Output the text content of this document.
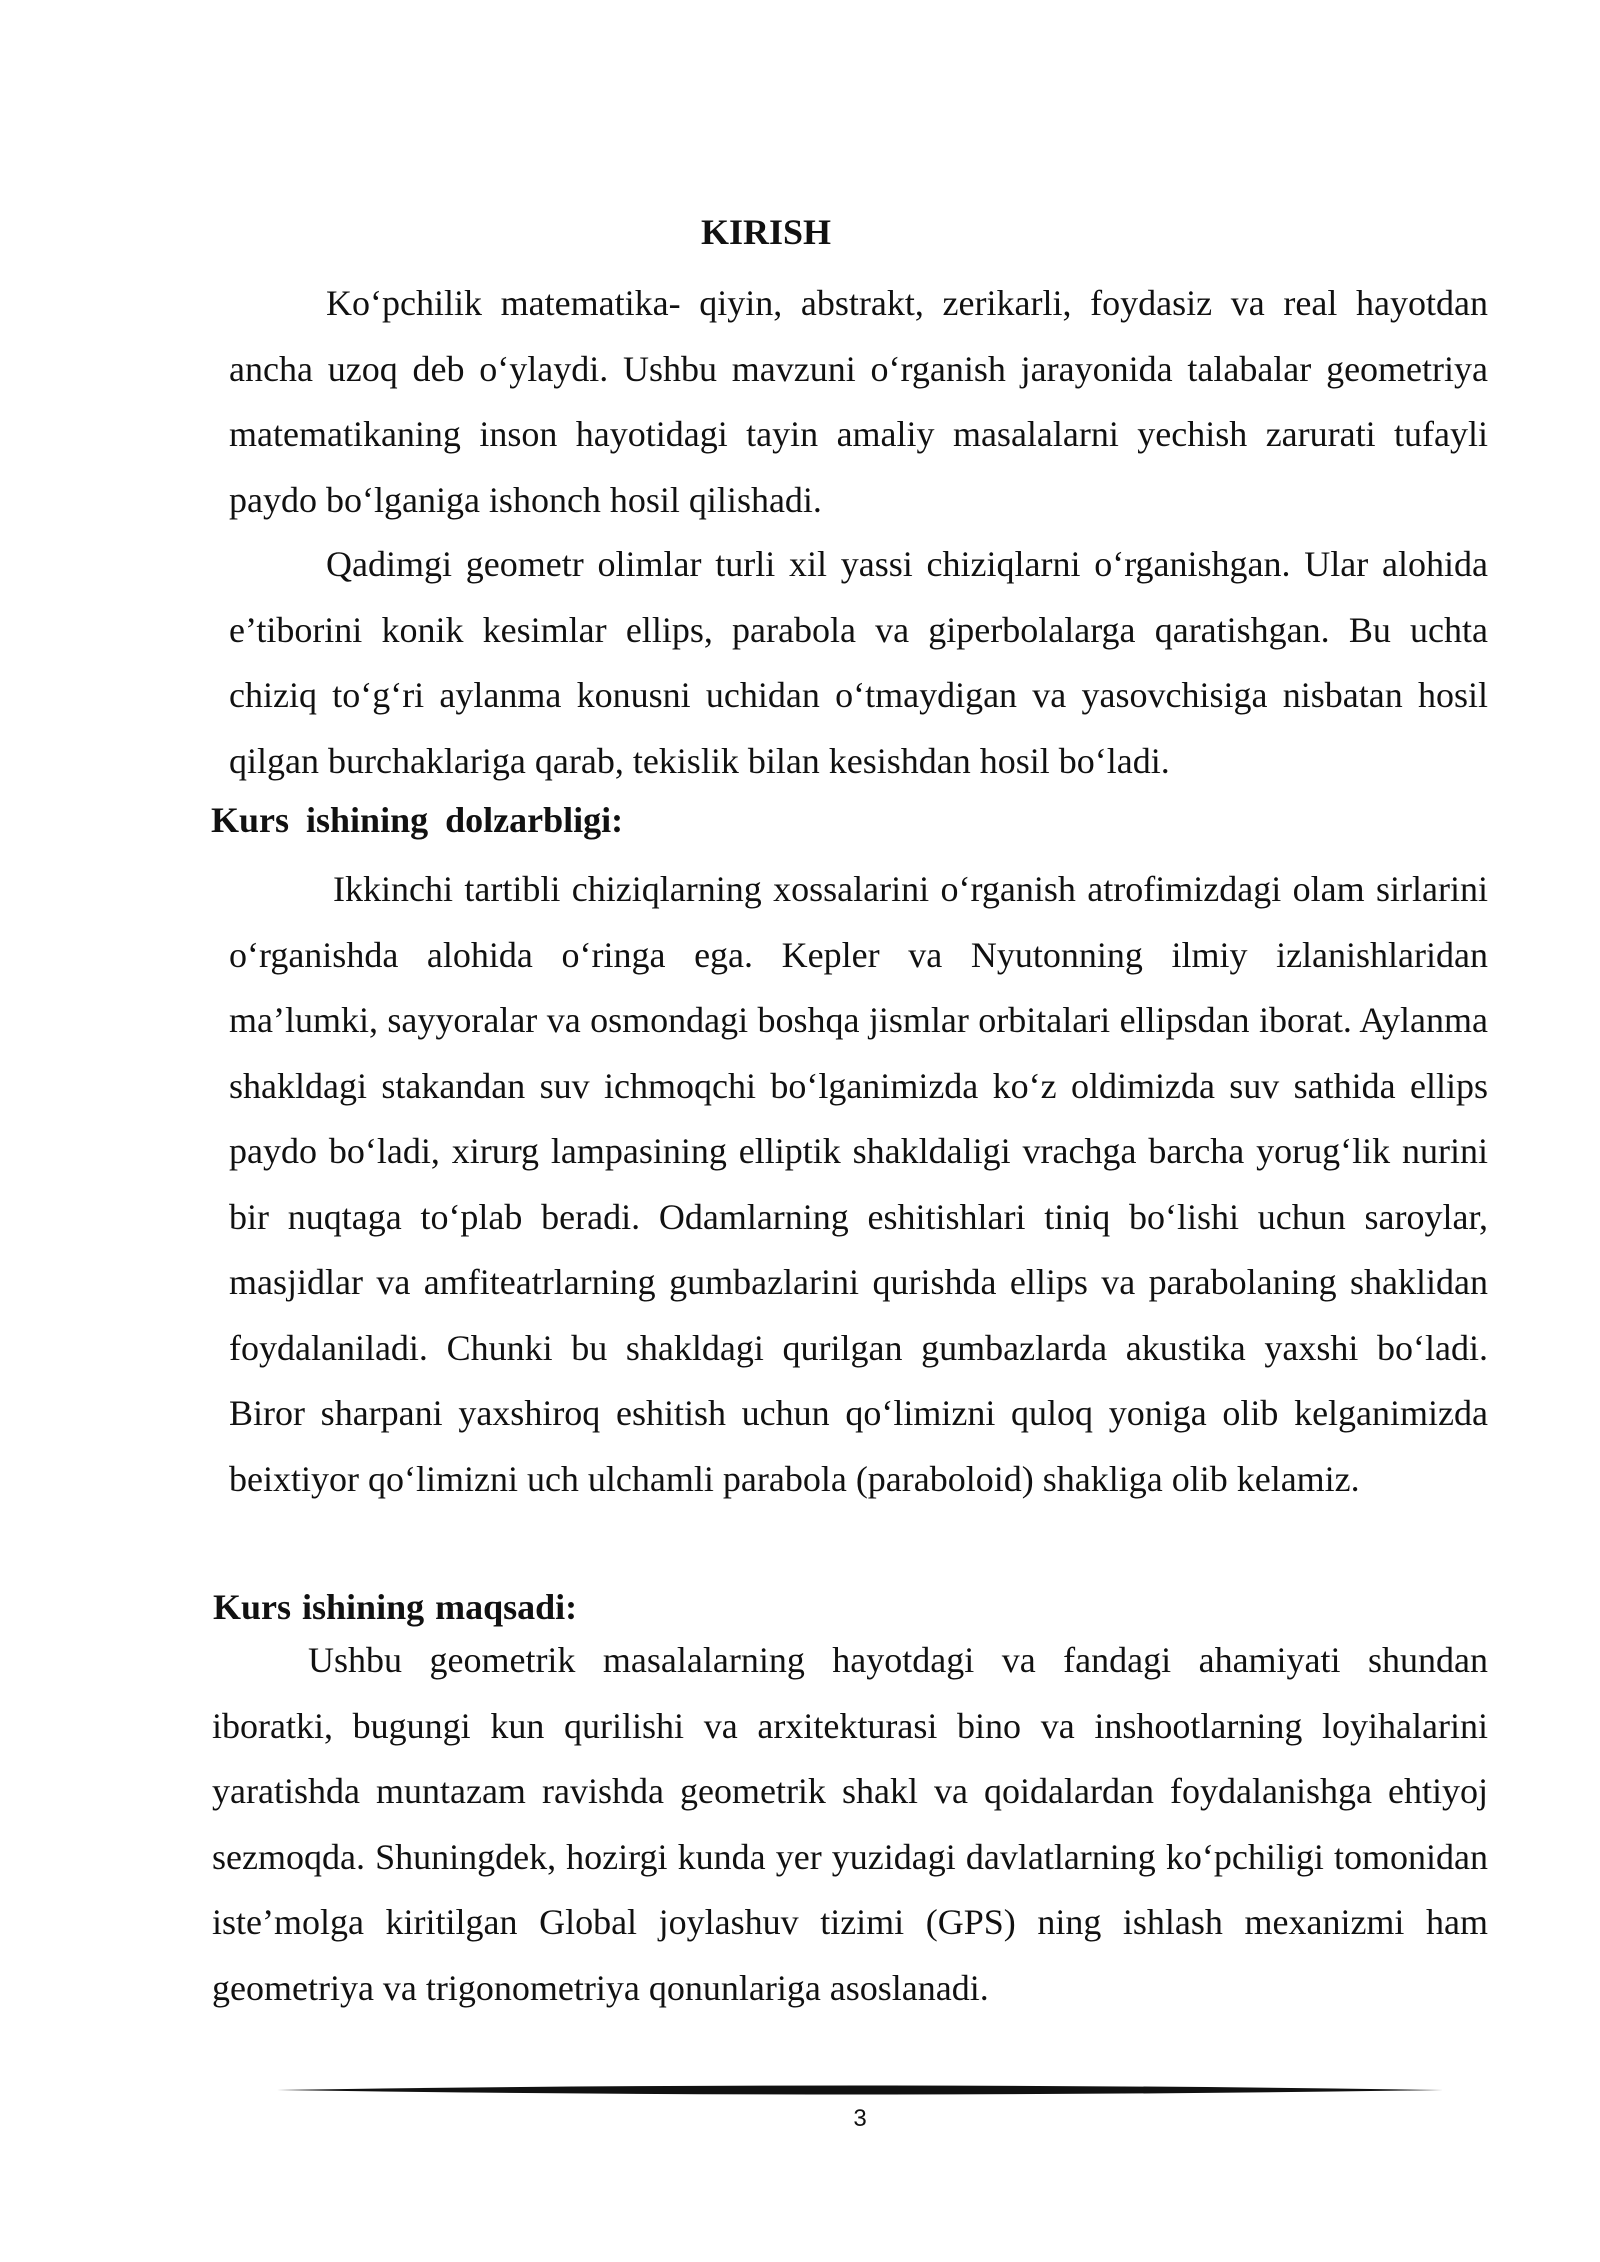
KIRISH

Ko‘pchilik matematika- qiyin, abstrakt, zerikarli, foydasiz va real hayotdan ancha uzoq deb o‘ylaydi. Ushbu mavzuni o‘rganish jarayonida talabalar geometriya matematikaning inson hayotidagi tayin amaliy masalalarni yechish zarurati tufayli paydo bo‘lganiga ishonch hosil qilishadi.

Qadimgi geometr olimlar turli xil yassi chiziqlarni o‘rganishgan. Ular alohida e’tiborini konik kesimlar ellips, parabola va giperbolalarga qaratishgan. Bu uchta chiziq to‘g‘ri aylanma konusni uchidan o‘tmaydigan va yasovchisiga nisbatan hosil qilgan burchaklariga qarab, tekislik bilan kesishdan hosil bo‘ladi.

Kurs ishining dolzarbligi:

Ikkinchi tartibli chiziqlarning xossalarini o‘rganish atrofimizdagi olam sirlarini o‘rganishda alohida o‘ringa ega. Kepler va Nyutonning ilmiy izlanishlaridan ma’lumki, sayyoralar va osmondagi boshqa jismlar orbitalari ellipsdan iborat. Aylanma shakldagi stakandan suv ichmoqchi bo‘lganimizda ko‘z oldimizda suv sathida ellips paydo bo‘ladi, xirurg lampasining elliptik shakldaligi vrachga barcha yorug‘lik nurini bir nuqtaga to‘plab beradi. Odamlarning eshitishlari tiniq bo‘lishi uchun saroylar, masjidlar va amfiteatrlarning gumbazlarini qurishda ellips va parabolaning shaklidan foydalaniladi. Chunki bu shakldagi qurilgan gumbazlarda akustika yaxshi bo‘ladi. Biror sharpani yaxshiroq eshitish uchun qo‘limizni quloq yoniga olib kelganimizda beixtiyor qo‘limizni uch ulchamli parabola (paraboloid) shakliga olib kelamiz.

Kurs ishining maqsadi:

Ushbu geometrik masalalarning hayotdagi va fandagi ahamiyati shundan iboratki, bugungi kun qurilishi va arxitekturasi bino va inshootlarning loyihalarini yaratishda muntazam ravishda geometrik shakl va qoidalardan foydalanishga ehtiyoj sezmoqda. Shuningdek, hozirgi kunda yer yuzidagi davlatlarning ko‘pchiligi tomonidan iste’molga kiritilgan Global joylashuv tizimi (GPS) ning ishlash mexanizmi ham geometriya va trigonometriya qonunlariga asoslanadi.

3
